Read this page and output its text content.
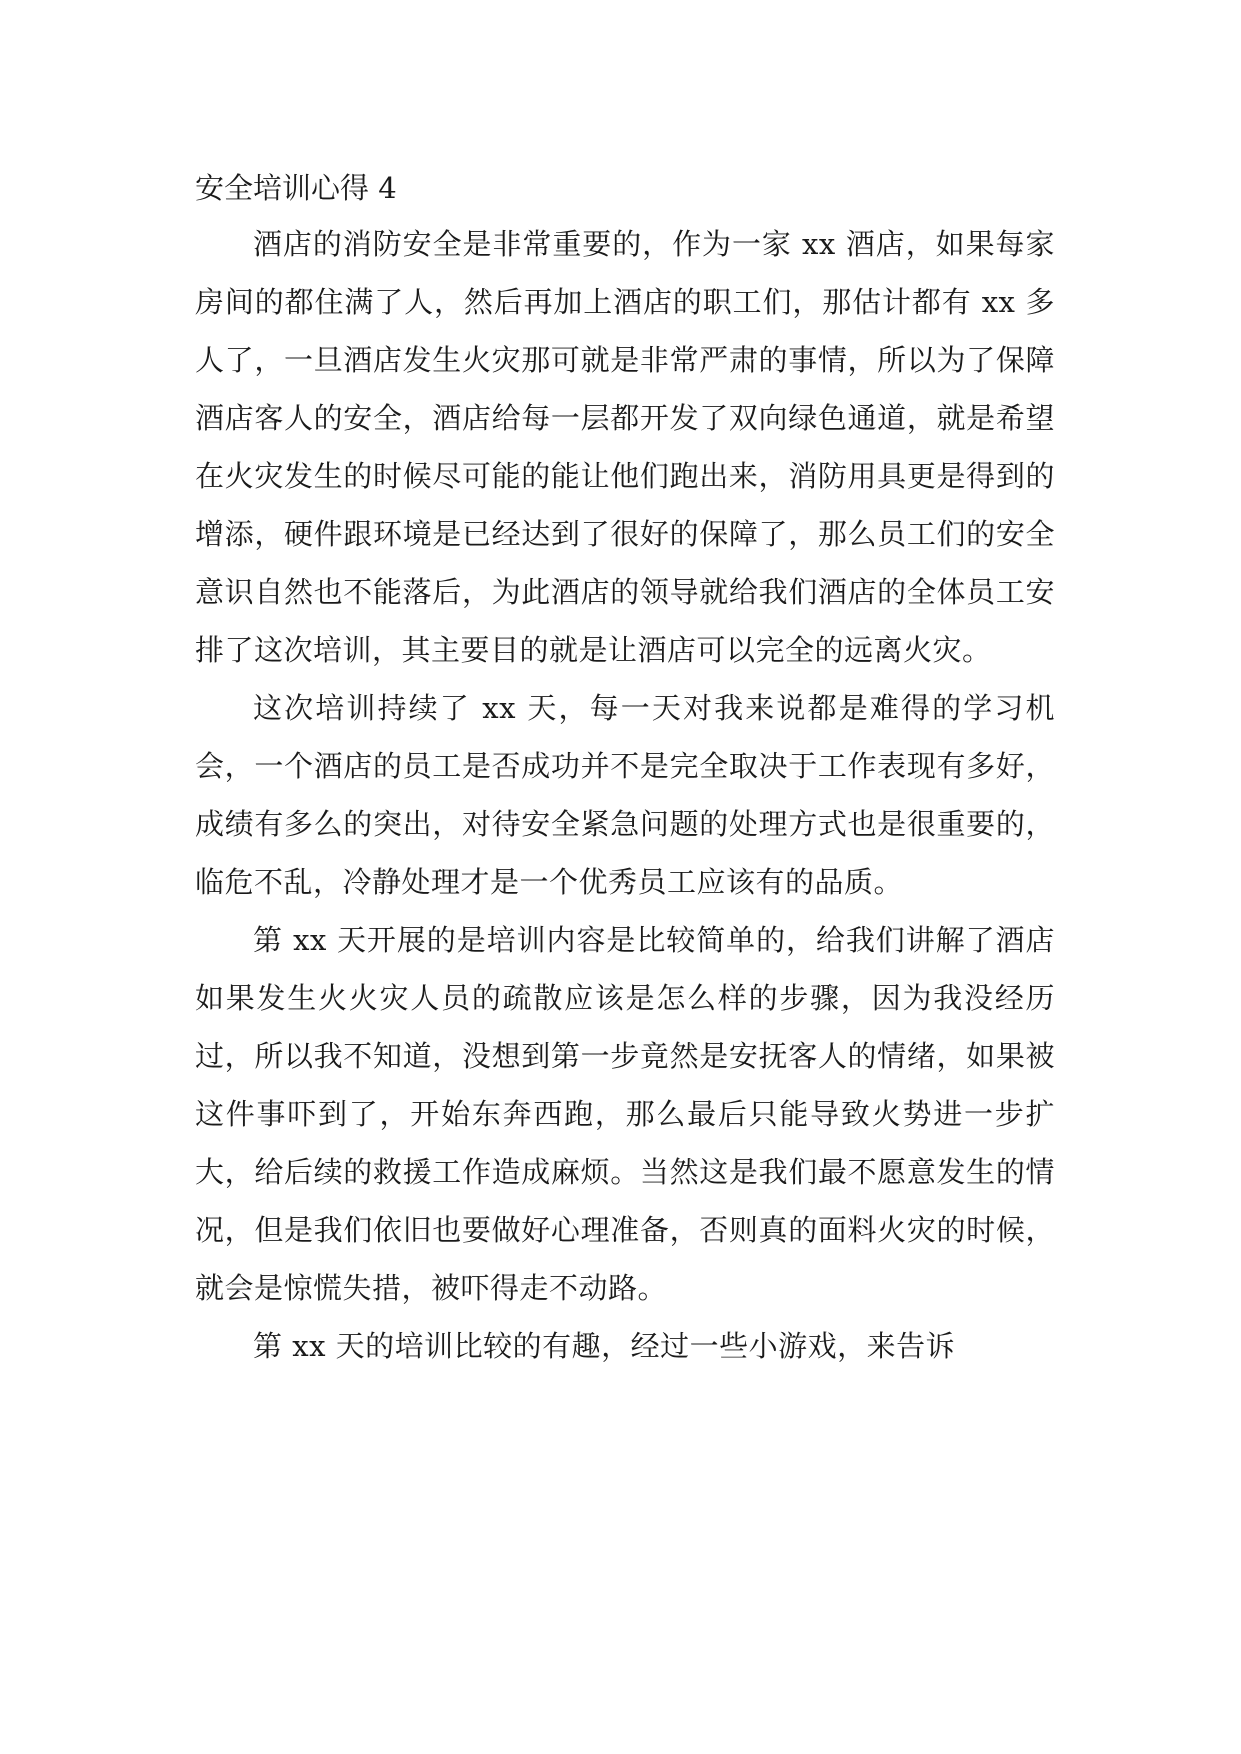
安全培训心得 4

酒店的消防安全是非常重要的，作为一家 xx 酒店，如果每家房间的都住满了人，然后再加上酒店的职工们，那估计都有 xx 多人了，一旦酒店发生火灾那可就是非常严肃的事情，所以为了保障酒店客人的安全，酒店给每一层都开发了双向绿色通道，就是希望在火灾发生的时候尽可能的能让他们跑出来，消防用具更是得到的增添，硬件跟环境是已经达到了很好的保障了，那么员工们的安全意识自然也不能落后，为此酒店的领导就给我们酒店的全体员工安排了这次培训，其主要目的就是让酒店可以完全的远离火灾。

这次培训持续了 xx 天，每一天对我来说都是难得的学习机会，一个酒店的员工是否成功并不是完全取决于工作表现有多好，成绩有多么的突出，对待安全紧急问题的处理方式也是很重要的，临危不乱，冷静处理才是一个优秀员工应该有的品质。

第 xx 天开展的是培训内容是比较简单的，给我们讲解了酒店如果发生火火灾人员的疏散应该是怎么样的步骤，因为我没经历过，所以我不知道，没想到第一步竟然是安抚客人的情绪，如果被这件事吓到了，开始东奔西跑，那么最后只能导致火势进一步扩大，给后续的救援工作造成麻烦。当然这是我们最不愿意发生的情况，但是我们依旧也要做好心理准备，否则真的面料火灾的时候，就会是惊慌失措，被吓得走不动路。

第 xx 天的培训比较的有趣，经过一些小游戏，来告诉
